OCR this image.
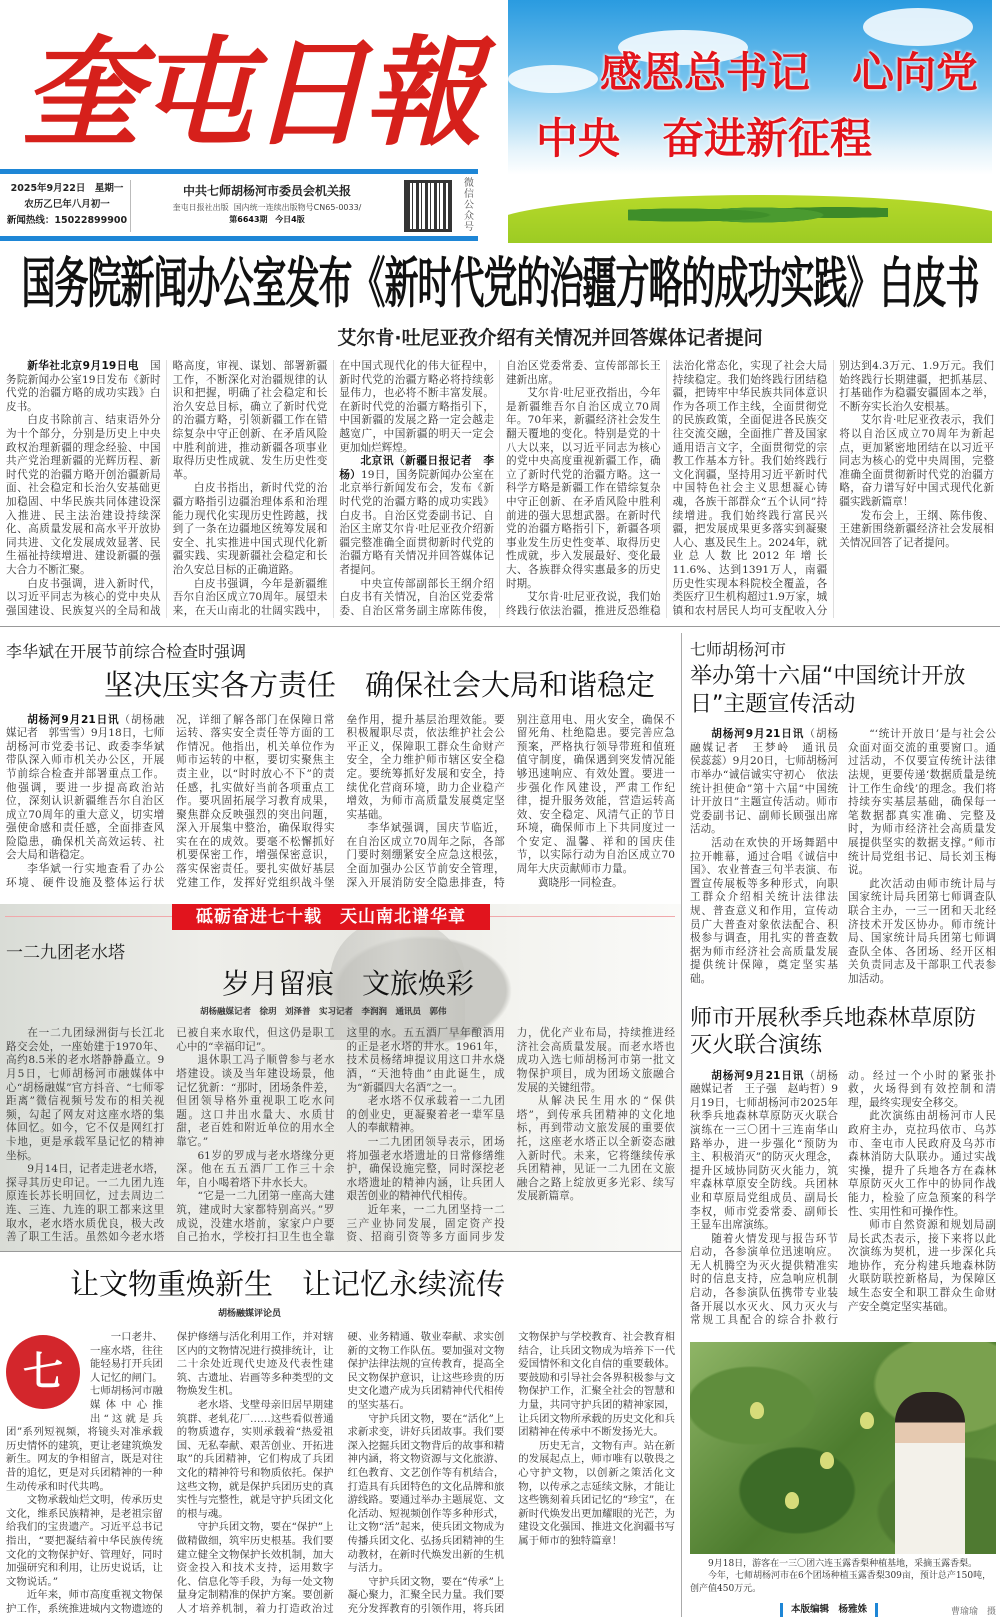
奎屯日報
2025年9月22日　星期一
农历乙巳年八月初一
新闻热线：15022899900
中共七师胡杨河市委员会机关报
奎屯日报社出版 国内统一连续出版物号CN65-0033/
第6643期 今日4版
微信公众号
感恩总书记　心向党
中央　奋进新征程
国务院新闻办公室发布《新时代党的治疆方略的成功实践》白皮书
艾尔肯·吐尼亚孜介绍有关情况并回答媒体记者提问

新华社北京9月19日电　国务院新闻办公室19日发布《新时代党的治疆方略的成功实践》白皮书。

白皮书除前言、结束语外分为十个部分，分别是历史上中央政权治理新疆的理念经验、中国共产党治理新疆的光辉历程、新时代党的治疆方略开创治疆新局面、社会稳定和长治久安基础更加稳固、中华民族共同体建设深入推进、民主法治建设持续深化、高质量发展和高水平开放协同共进、文化发展成效显著、民生福祉持续增进、建设新疆的强大合力不断汇聚。

白皮书强调，进入新时代，以习近平同志为核心的党中央从强国建设、民族复兴的全局和战略高度，审视、谋划、部署新疆工作，不断深化对治疆规律的认识和把握，明确了社会稳定和长治久安总目标，确立了新时代党的治疆方略，引领新疆工作在错综复杂中守正创新、在矛盾风险中胜利前进，推动新疆各项事业取得历史性成就、发生历史性变革。

白皮书指出，新时代党的治疆方略指引边疆治理体系和治理能力现代化实现历史性跨越，找到了一条在边疆地区统筹发展和安全、扎实推进中国式现代化新疆实践、实现新疆社会稳定和长治久安总目标的正确道路。

白皮书强调，今年是新疆维吾尔自治区成立70周年。展望未来，在天山南北的壮阔实践中，在中国式现代化的伟大征程中，新时代党的治疆方略必将持续彰显伟力，也必将不断丰富发展。在新时代党的治疆方略指引下，中国新疆的发展之路一定会越走越宽广，中国新疆的明天一定会更加灿烂辉煌。

北京讯（新疆日报记者　李杨）19日，国务院新闻办公室在北京举行新闻发布会，发布《新时代党的治疆方略的成功实践》白皮书。自治区党委副书记、自治区主席艾尔肯·吐尼亚孜介绍新疆完整准确全面贯彻新时代党的治疆方略有关情况并回答媒体记者提问。

中央宣传部副部长王纲介绍白皮书有关情况，自治区党委常委、自治区常务副主席陈伟俊，自治区党委常委、宣传部部长王建新出席。

艾尔肯·吐尼亚孜指出，今年是新疆维吾尔自治区成立70周年。70年来，新疆经济社会发生翻天覆地的变化。特别是党的十八大以来，以习近平同志为核心的党中央高度重视新疆工作，确立了新时代党的治疆方略。这一科学方略是新疆工作在错综复杂中守正创新、在矛盾风险中胜利前进的强大思想武器。在新时代党的治疆方略指引下，新疆各项事业发生历史性变革、取得历史性成就，步入发展最好、变化最大、各族群众得实惠最多的历史时期。

艾尔肯·吐尼亚孜说，我们始终践行依法治疆，推进反恐维稳法治化常态化，实现了社会大局持续稳定。我们始终践行团结稳疆，把铸牢中华民族共同体意识作为各项工作主线，全面贯彻党的民族政策，全面促进各民族交往交流交融，全面推广普及国家通用语言文字，全面贯彻党的宗教工作基本方针。我们始终践行文化润疆，坚持用习近平新时代中国特色社会主义思想凝心铸魂，各族干部群众“五个认同”持续增进。我们始终践行富民兴疆，把发展成果更多落实到凝聚人心、惠及民生上。2024年，就业总人数比2012年增长11.6%、达到1391万人，南疆历史性实现本科院校全覆盖，各类医疗卫生机构超过1.9万家，城镇和农村居民人均可支配收入分别达到4.3万元、1.9万元。我们始终践行长期建疆，把抓基层、打基础作为稳疆安疆固本之举，不断夯实长治久安根基。

艾尔肯·吐尼亚孜表示，我们将以自治区成立70周年为新起点，更加紧密地团结在以习近平同志为核心的党中央周围，完整准确全面贯彻新时代党的治疆方略，奋力谱写好中国式现代化新疆实践新篇章！

发布会上，王纲、陈伟俊、王建新围绕新疆经济社会发展相关情况回答了记者提问。

李华斌在开展节前综合检查时强调
坚决压实各方责任　确保社会大局和谐稳定

胡杨河9月21日讯（胡杨融媒记者　郭雪雪）9月18日，七师胡杨河市党委书记、政委李华斌带队深入师市机关办公区，开展节前综合检查并部署重点工作。他强调，要进一步提高政治站位，深刻认识新疆维吾尔自治区成立70周年的重大意义，切实增强使命感和责任感，全面排查风险隐患，确保机关高效运转、社会大局和谐稳定。

李华斌一行实地查看了办公环境、硬件设施及整体运行状况，详细了解各部门在保障日常运转、落实安全责任等方面的工作情况。他指出，机关单位作为师市运转的中枢，要切实聚焦主责主业，以“时时放心不下”的责任感，扎实做好当前各项重点工作。要巩固拓展学习教育成果，聚焦群众反映强烈的突出问题，深入开展集中整治，确保取得实实在在的成效。要毫不松懈抓好机要保密工作，增强保密意识，落实保密责任。要扎实做好基层党建工作，发挥好党组织战斗堡垒作用，提升基层治理效能。要积极履职尽责，依法维护社会公平正义，保障职工群众生命财产安全，全力维护师市辖区安全稳定。要统筹抓好发展和安全，持续优化营商环境，助力企业稳产增效，为师市高质量发展奠定坚实基础。

李华斌强调，国庆节临近，在自治区成立70周年之际，各部门要时刻绷紧安全应急这根弦，全面加强办公区节前安全管理，深入开展消防安全隐患排查，特别注意用电、用火安全，确保不留死角、杜绝隐患。要完善应急预案，严格执行领导带班和值班值守制度，确保遇到突发情况能够迅速响应、有效处置。要进一步强化作风建设，严肃工作纪律，提升服务效能，营造运转高效、安全稳定、风清气正的节日环境，确保师市上下共同度过一个安定、温馨、祥和的国庆佳节，以实际行动为自治区成立70周年大庆贡献师市力量。

冀晓彤一同检查。

砥砺奋进七十载　天山南北谱华章
一二九团老水塔
岁月留痕　文旅焕彩
胡杨融媒记者　徐玥　刘泽普　实习记者　李润润　通讯员　郭伟

在一二九团绿洲街与长江北路交会处，一座始建于1970年、高约8.5米的老水塔静静矗立。9月5日，七师胡杨河市融媒体中心“胡杨融媒”官方抖音、“七师零距离”微信视频号发布的相关视频，勾起了网友对这座水塔的集体回忆。如今，它不仅是网红打卡地，更是承载军垦记忆的精神坐标。

9月14日，记者走进老水塔，探寻其历史印记。一二九团九连原连长苏长明回忆，过去周边二连、三连、九连的职工都来这里取水，老水塔水质优良，极大改善了职工生活。虽然如今老水塔已被自来水取代，但这仍是职工心中的“幸福印记”。

退休职工冯子顺曾参与老水塔建设。谈及当年建设场景，他记忆犹新：“那时，团场条件差，但团领导格外重视职工吃水问题。这口井出水量大、水质甘甜，老百姓和附近单位的用水全靠它。”

61岁的罗成与老水塔缘分更深。他在五五酒厂工作三十余年，自小喝着塔下井水长大。

“它是一二九团第一座高大建筑，建成时大家都特别高兴。”罗成说，没建水塔前，家家户户要自己抬水，学校打扫卫生也全靠这里的水。五五酒厂早年酿酒用的正是老水塔的井水。1961年，技术员杨绪坤提议用这口井水烧酒，“天池特曲”由此诞生，成为“新疆四大名酒”之一。

老水塔不仅承载着一二九团的创业史，更凝聚着老一辈军垦人的奉献精神。

一二九团团领导表示，团场将加强老水塔遗址的日常修缮维护，确保设施完整，同时深挖老水塔遗址的精神内涵，让兵团人艰苦创业的精神代代相传。

近年来，一二九团坚持一二三产业协同发展，固定资产投资、招商引资等多方面同步发力，优化产业布局，持续推进经济社会高质量发展。而老水塔也成功入选七师胡杨河市第一批文物保护项目，成为团场文旅融合发展的关键纽带。

从解决民生用水的“保供塔”，到传承兵团精神的文化地标，再到带动文旅发展的重要依托，这座老水塔正以全新姿态融入新时代。未来，它将继续传承兵团精神，见证一二九团在文旅融合之路上绽放更多光彩、续写发展新篇章。

让文物重焕新生　让记忆永续流传
胡杨融媒评论员
七

一口老井、一座水塔，往往能轻易打开兵团人记忆的闸门。七师胡杨河市融媒体中心推出“这就是兵团”系列短视频，将镜头对准承载历史情怀的建筑，更让老建筑焕发新生。网友的争相留言，既是对往昔的追忆，更是对兵团精神的一种生动传承和时代共鸣。

文物承载灿烂文明，传承历史文化，维系民族精神，是老祖宗留给我们的宝贵遗产。习近平总书记指出，“要把凝结着中华民族传统文化的文物保护好、管理好，同时加强研究和利用，让历史说话，让文物说话。”

近年来，师市高度重视文物保护工作，系统推进城内文物遗迹的保护修缮与活化利用工作，并对辖区内的文物情况进行摸排统计，让二十余处近现代史迹及代表性建筑、古遗址、岩画等多种类型的文物焕发生机。

老水塔、戈壁母亲旧居早期建筑群、老轧花厂……这些看似普通的物质遗存，实则承载着“热爱祖国、无私奉献、艰苦创业、开拓进取”的兵团精神，它们构成了兵团文化的精神符号和物质依托。保护这些文物，就是保护兵团历史的真实性与完整性，就是守护兵团文化的根与魂。

守护兵团文物，要在“保护”上做精做细，筑牢历史根基。我们要建立健全文物保护长效机制，加大资金投入和技术支持，运用数字化、信息化等手段，为每一处文物量身定制精准的保护方案。要创新人才培养机制，着力打造政治过硬、业务精通、敬业奉献、求实创新的文物工作队伍。要加强对文物保护法律法规的宣传教育，提高全民文物保护意识，让这些珍贵的历史文化遗产成为兵团精神代代相传的坚实基石。

守护兵团文物，要在“活化”上求新求变，讲好兵团故事。我们要深入挖掘兵团文物背后的故事和精神内涵，将文物资源与文化旅游、红色教育、文艺创作等有机结合，打造具有兵团特色的文化品牌和旅游线路。要通过举办主题展览、文化活动、短视频创作等多种形式，让文物“活”起来，使兵团文物成为传播兵团文化、弘扬兵团精神的生动教材，在新时代焕发出新的生机与活力。

守护兵团文物，要在“传承”上凝心聚力，汇聚全民力量。我们要充分发挥教育的引领作用，将兵团文物保护与学校教育、社会教育相结合，让兵团文物成为培养下一代爱国情怀和文化自信的重要载体。要鼓励和引导社会各界积极参与文物保护工作，汇聚全社会的智慧和力量，共同守护兵团的精神家园，让兵团文物所承载的历史文化和兵团精神在传承中不断发扬光大。

历史无言，文物有声。站在新的发展起点上，师市唯有以敬畏之心守护文物，以创新之策活化文物，以传承之志延续文脉，才能让这些镌刻着兵团记忆的“珍宝”，在新时代焕发出更加耀眼的光芒，为建设文化强国、推进文化润疆书写属于师市的独特篇章！

七师胡杨河市
举办第十六届“中国统计开放日”主题宣传活动

胡杨河9月21日讯（胡杨融媒记者　王梦岭　通讯员　侯蕊蕊）9月20日，七师胡杨河市举办“诚信诚实守初心　依法统计担使命”第十六届“中国统计开放日”主题宣传活动。师市党委副书记、副师长顾强出席活动。

活动在欢快的开场舞蹈中拉开帷幕，通过合唱《诚信中国》、农业普查三句半表演、布置宣传展板等多种形式，向职工群众介绍相关统计法律法规、普查意义和作用，宣传动员广大普查对象依法配合、积极参与调查，用扎实的普查数据为师市经济社会高质量发展提供统计保障，奠定坚实基础。

“‘统计开放日’是与社会公众面对面交流的重要窗口。通过活动，不仅要宣传统计法律法规，更要传递‘数据质量是统计工作生命线’的理念。我们将持续夯实基层基础，确保每一笔数据都真实准确、完整及时，为师市经济社会高质量发展提供坚实的数据支撑。”师市统计局党组书记、局长刘玉梅说。

此次活动由师市统计局与国家统计局兵团第七师调查队联合主办，一三一团和天北经济技术开发区协办。师市统计局、国家统计局兵团第七师调查队全体、各团场、经开区相关负责同志及干部职工代表参加活动。

师市开展秋季兵地森林草原防灭火联合演练

胡杨河9月21日讯（胡杨融媒记者　王子强　赵屿哲）9月19日，七师胡杨河市2025年秋季兵地森林草原防灭火联合演练在一三〇团十三连南华山路举办，进一步强化“预防为主、积极消灭”的防灭火理念，提升区域协同防灭火能力，筑牢森林草原安全防线。兵团林业和草原局党组成员、副局长李权，师市党委常委、副师长王显车出席演练。

随着火情发现与报告环节启动，各参演单位迅速响应。无人机腾空为灭火提供精准实时的信息支持，应急响应机制启动，各参演队伍携带专业装备开展以水灭火、风力灭火与常规工具配合的综合扑救行动。经过一个小时的紧张扑救，火场得到有效控制和清理，最终实现安全移交。

此次演练由胡杨河市人民政府主办，克拉玛依市、乌苏市、奎屯市人民政府及乌苏市森林消防大队联办。通过实战实操，提升了兵地各方在森林草原防灭火工作中的协同作战能力，检验了应急预案的科学性、实用性和可操作性。

师市自然资源和规划局副局长武杰表示，接下来将以此次演练为契机，进一步深化兵地协作，充分构建兵地森林防火联防联控新格局，为保障区域生态安全和职工群众生命财产安全奠定坚实基础。

9月18日，游客在一三〇团六连玉露香梨种植基地，采摘玉露香梨。

今年，七师胡杨河市在6个团场种植玉露香梨309亩，预计总产150吨，创产值450万元。

本版编辑　杨雅姝	曹瑜瑜　摄
